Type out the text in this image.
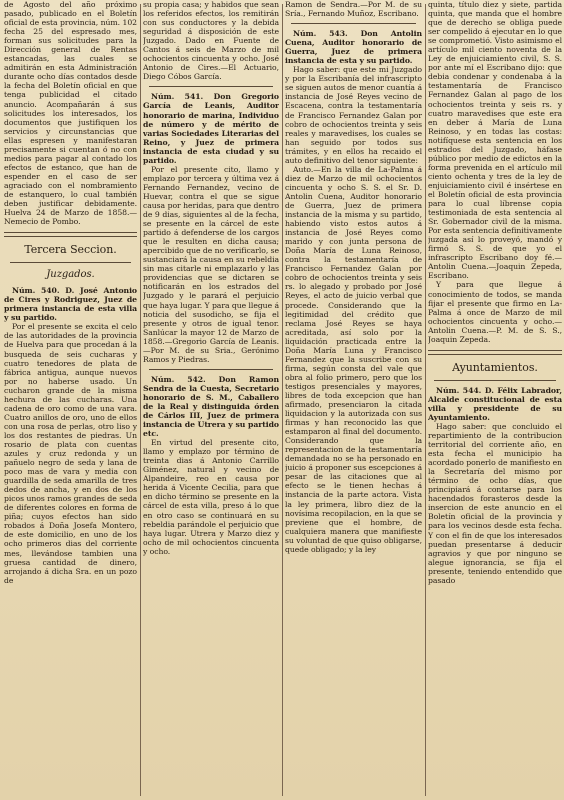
de Agosto del año próximo pasado, publicado en el Boletín oficial de esta provincia, núm. 102 fecha 25 del espresado mes, forman sus solicitudes para la Dirección general de Rentas estancadas, las cuales se admitirán en esta Administración durante ocho días contados desde la fecha del Boletín oficial en que tenga publicidad el citado anuncio. Acompañarán á sus solicitudes los interesados, los documentos que justifiquen los servicios y circunstancias que ellas espresen y manifestaran precisamente si cuentan ó no con medios para pagar al contado los efectos de estanco, que han de espender en el caso de ser agraciado con el nombramiento de estanquero, lo cual también deben justificar debidamente. Huelva 24 de Marzo de 1858.— Nemecio de Pombo.

Tercera Seccion.
Juzgados.

Núm. 540. D. José Antonio de Cires y Rodriguez, Juez de primera instancia de esta villa y su partido.

Por el presente se excita el celo de las autoridades de la provincia de Huelva para que procedan á la busqueda de seis cucharas y cuatro tenedores de plata de fábrica antigua, aunque nuevos por no haberse usado. Un cucharon grande de la misma hechura de las cucharas. Una cadena de oro como de una vara. Cuatro anillos de oro, uno de ellos con una rosa de perlas, otro liso y los dos restantes de piedras. Un rosario de plata con cuentas azules y cruz redonda y un pañuelo negro de seda y lana de poco mas de vara y media con guardilla de seda amarilla de tres dedos de ancha, y en dos de los picos unos ramos grandes de seda de diferentes colores en forma de piña; cuyos efectos han sido robados á Doña Josefa Montero, de este domicilio, en uno de los ocho primeros dias del corriente mes, llevándose tambien una gruesa cantidad de dinero, arrojando á dicha Sra. en un pozo de

su propia casa; y habidos que sean los referidos efectos, los remitirán con sus conductores y la debida seguridad á disposición de este Juzgado. Dado en Fuente de Cantos á seis de Marzo de mil ochocientos cincuenta y ocho. José Antonio de Cires.—El Actuario, Diego Cóbos García.

Núm. 541. Don Gregorio García de Leanis, Auditor honorario de marina, Individuo de número y de mérito de varias Sociedades Literarias del Reino, y Juez de primera instancia de esta ciudad y su partido.

Por el presente cito, llamo y emplazo por tercera y última vez á Fernando Fernandez, vecino de Huevar, contra el que se sigue causa por heridas, para que dentro de 9 dias, siguientes al de la fecha, se presente en la cárcel de este partido á defenderse de los cargos que le resulten en dicha causa; apercibido que de no verificarlo, se sustanciará la causa en su rebeldia sin mas citarle ni emplazarlo y las providencias que se dictaren se notificarán en los estrados del Juzgado y le parará el perjuicio que haya lugar. Y para que llegue á noticia del susodicho, se fija el presente y otros de igual tenor. Sanlúcar la mayor 12 de Marzo de 1858.—Gregorio García de Leanis.—Por M. de su Sria., Gerónimo Ramos y Piedras.

Núm. 542. Don Ramon Sendra de la Cuesta, Secretario honorario de S. M., Caballero de la Real y distinguida órden de Cárlos III, Juez de primera instancia de Utrera y su partido etc.

En virtud del presente cito, llamo y emplazo por término de treinta dias á Antonio Carrillo Giménez, natural y vecino de Alpandeire, reo en causa por herida á Vicente Cecilia, para que en dicho término se presente en la cárcel de esta villa, preso á lo que en otro caso se continuará en su rebeldia parándole el perjuicio que haya lugar. Utrera y Marzo diez y ocho de mil ochocientos cincuenta y ocho.

Ramon de Sendra.—Por M. de su Sría., Fernando Muñoz, Escribano.

Núm. 543. Don Antolin Cuena, Auditor honorario de Guerra, Juez de primera instancia de esta y su partido.

Hago saber: que este mi Juzgado y por la Escribanía del infrascripto se siguen autos de menor cuantía á instancia de José Reyes vecino de Escacena, contra la testamentaría de Francisco Fernandez Galan por cobro de ochocientos treinta y seis reales y maravedises, los cuales se han seguido por todos sus trámites, y en ellos ha recaido el auto definitivo del tenor siguiente:

Auto.—En la villa de La-Palma á diez de Marzo de mil ochocientos cincuenta y ocho S. S. el Sr. D. Antolin Cuena, Auditor honorario de Guerra, Juez de primera instancia de la misma y su partido, habiendo visto estos autos á instancia de José Reyes como marido y con junta persona de Doña María de Luna Reinoso, contra la testamentaría de Francisco Fernandez Galan por cobro de ochocientos treinta y seis rs. lo alegado y probado por José Reyes, el acto de juicio verbal que procede. Considerando que la legitimidad del crédito que reclama José Reyes se haya acreditada, así solo por la liquidación practicada entre la Doña María Luna y Francisco Fernandez que la suscribe con su firma, según consta del vale que obra al folio primero, pero que los testigos presenciales y mayores, libres de toda excepcion que han afirmado, presenciaron la citada liquidacion y la autorizada con sus firmas y han reconocido las que estamparon al final del documento. Considerando que la representacion de la testamentaría demandada no se ha personado en juicio á proponer sus escepciones á pesar de las citaciones que al efecto se le tienen hechas á instancia de la parte actora. Vista la ley primera, libro diez de la novísima recopilacion, en la que se previene que el hombre, de cualquiera manera que manifieste su voluntad de que quiso obligarse, quede obligado; y la ley

quinta, título diez y siete, partida quinta, que manda que el hombre que de derecho se obliga puede ser compelido á ejecutar en lo que se comprometió. Visto asimismo el artículo mil ciento noventa de la Ley de enjuiciamiento civil, S. S. por ante mí el Escribano dijo: que debia condenar y condenaba á la testamentaría de Francisco Fernandez Galan al pago de los ochocientos treinta y seis rs. y cuatro maravedises que este era en deber á María de Luna Reinoso, y en todas las costas: notifíquese esta sentencia en los estrados del Juzgado, háfase público por medio de edictos en la forma prevenida en el artículo mil ciento ochenta y tres de la ley de enjuiciamiento civil é insértese en el Boletín oficial de esta provincia para lo cual líbrense copia testimoniada de esta sentencia al Sr. Gobernador civil de la misma. Por esta sentencia definitivamente juzgada así lo proveyó, mandó y firmó S. S. de que yo el infrascripto Escribano doy fé.—Antolin Cuena.—Joaquin Zepeda, Escribano.

Y para que llegue á conocimiento de todos, se manda fijar el presente que firmo en La-Palma á once de Marzo de mil ochocientos cincuenta y ocho.—Antolin Cuena.—P. M. de S. S., Joaquin Zepeda.

Ayuntamientos.

Núm. 544. D. Félix Labrador, Alcalde constitucional de esta villa y presidente de su Ayuntamiento.

Hago saber: que concluido el repartimiento de la contribucion territorial del corriente año, en esta fecha el municipio ha acordado ponerlo de manifiesto en la Secretaría del mismo por término de ocho días, que principiará á contarse para los hacendados forasteros desde la insercion de este anuncio en el Boletín oficial de la provincia y para los vecinos desde esta fecha. Y con el fin de que los interesados puedan presentarse á deducir agravios y que por ninguno se alegue ignorancia, se fija el presente, teniendo entendido que pasado
